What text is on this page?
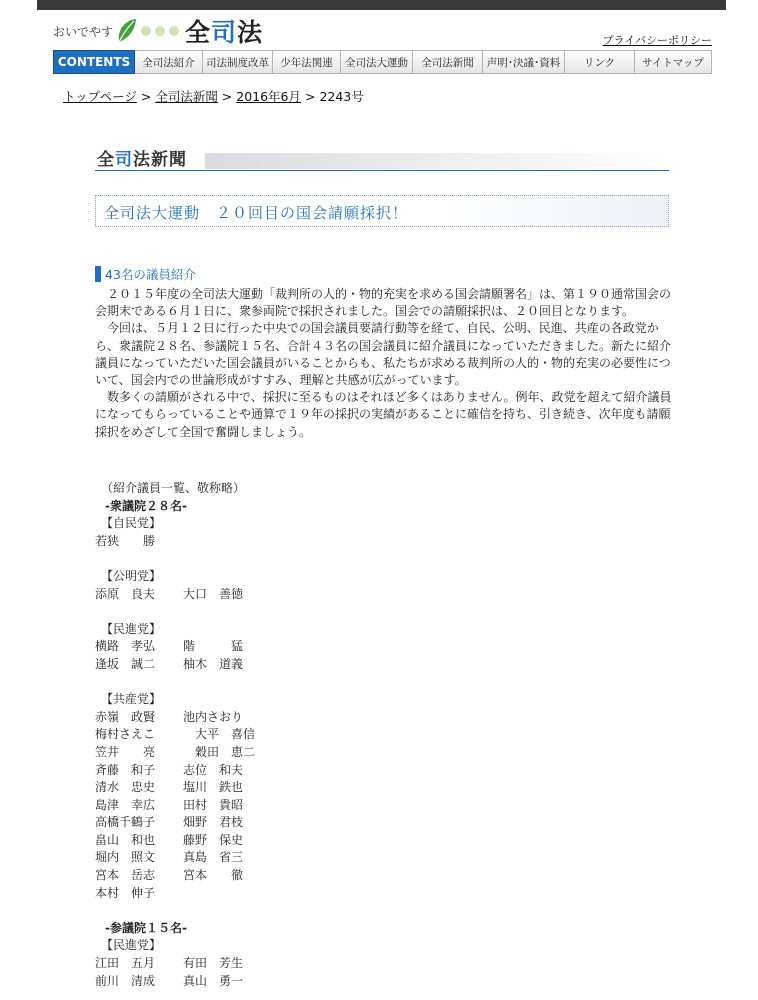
おいでやす	全司法	プライバシーポリシー
CONTENTS	全司法紹介	司法制度改革	少年法関連	全司法大運動	全司法新聞	声明･決議･資料	リンク	サイトマップ
トップページ > 全司法新聞 > 2016年6月 > 2243号
全司法新聞
全司法大運動　２０回目の国会請願採択！
43名の議員紹介

２０１５年度の全司法大運動「裁判所の人的・物的充実を求める国会請願署名」は、第１９０通常国会の会期末である６月１日に、衆参両院で採択されました。国会での請願採択は、２０回目となります。

今回は、５月１２日に行った中央での国会議員要請行動等を経て、自民、公明、民進、共産の各政党から、衆議院２８名、参議院１５名、合計４３名の国会議員に紹介議員になっていただきました。新たに紹介議員になっていただいた国会議員がいることからも、私たちが求める裁判所の人的・物的充実の必要性について、国会内での世論形成がすすみ、理解と共感が広がっています。

数多くの請願がされる中で、採択に至るものはそれほど多くはありません。例年、政党を超えて紹介議員になってもらっていることや通算で１９年の採択の実績があることに確信を持ち、引き続き、次年度も請願採択をめざして全国で奮闘しましょう。

（紹介議員一覧、敬称略）
-衆議院２８名-
【自民党】
若狭　　勝
【公明党】
添原　良夫	大口　善徳
【民進党】
横路　孝弘	階　　　猛
逢坂　誠二	柚木　道義
【共産党】
赤嶺　政賢	池内さおり
梅村さえこ	　大平　喜信
笠井　　亮	　穀田　恵二
斉藤　和子	志位　和夫
清水　忠史	塩川　鉄也
島津　幸広	田村　貴昭
高橋千鶴子	畑野　君枝
畠山　和也	藤野　保史
堀内　照文	真島　省三
宮本　岳志	宮本　　徹
本村　伸子
-参議院１５名-
【民進党】
江田　五月	有田　芳生
前川　清成	真山　勇一
